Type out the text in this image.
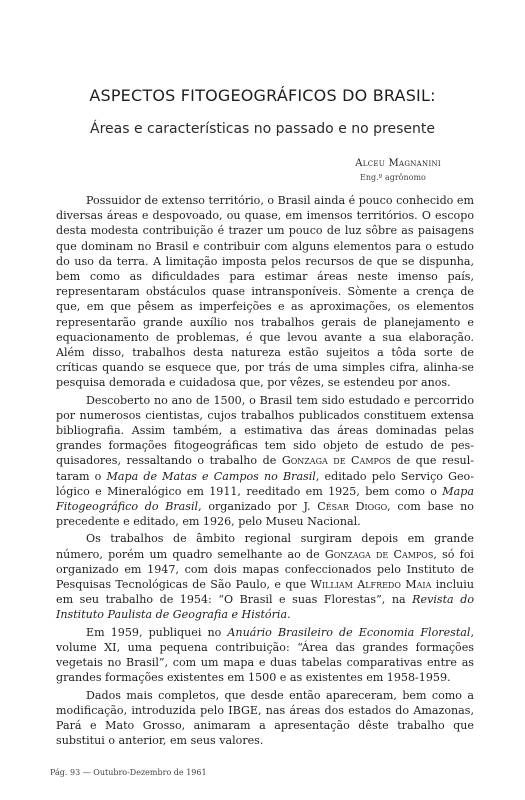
ASPECTOS FITOGEOGRÁFICOS DO BRASIL:
Áreas e características no passado e no presente

Alceu Magnanini

Eng.º agrônomo

Possuidor de extenso território, o Brasil ainda é pouco conhecido em diversas áreas e despovoado, ou quase, em imensos territórios. O escopo desta modesta contribuição é trazer um pouco de luz sôbre as paisagens que dominam no Brasil e contribuir com alguns elementos para o estudo do uso da terra. A limitação imposta pelos recursos de que se dispunha, bem como as dificuldades para estimar áreas neste imenso país, representaram obstáculos quase intransponíveis. Sòmente a crença de que, em que pêsem as imperfeições e as aproximações, os elementos representarão grande auxílio nos trabalhos gerais de planejamento e equacionamento de problemas, é que levou avante a sua elaboração. Além disso, trabalhos desta natureza estão sujeitos a tôda sorte de críticas quando se esquece que, por trás de uma simples cifra, alinha-se pesquisa demorada e cuidadosa que, por vêzes, se estendeu por anos.

Descoberto no ano de 1500, o Brasil tem sido estudado e percorrido por numerosos cientistas, cujos trabalhos publicados constituem extensa bibliografia. Assim também, a estimativa das áreas dominadas pelas grandes formações fitogeográficas tem sido objeto de estudo de pesquisadores, ressaltando o trabalho de Gonzaga de Campos de que resultaram o Mapa de Matas e Campos no Brasil, editado pelo Serviço Geológico e Mineralógico em 1911, reeditado em 1925, bem como o Mapa Fitogeográfico do Brasil, organizado por J. César Diogo, com base no precedente e editado, em 1926, pelo Museu Nacional.

Os trabalhos de âmbito regional surgiram depois em grande número, porém um quadro semelhante ao de Gonzaga de Campos, só foi organizado em 1947, com dois mapas confeccionados pelo Instituto de Pesquisas Tecnológicas de São Paulo, e que William Alfredo Maia incluiu em seu trabalho de 1954: “O Brasil e suas Florestas”, na Revista do Instituto Paulista de Geografia e História.

Em 1959, publiquei no Anuário Brasileiro de Economia Florestal, volume XI, uma pequena contribuição: “Área das grandes formações vegetais no Brasil”, com um mapa e duas tabelas comparativas entre as grandes formações existentes em 1500 e as existentes em 1958-1959.

Dados mais completos, que desde então apareceram, bem como a modificação, introduzida pelo IBGE, nas áreas dos estados do Amazonas, Pará e Mato Grosso, animaram a apresentação dêste trabalho que substitui o anterior, em seus valores.

Pág. 93 — Outubro-Dezembro de 1961
